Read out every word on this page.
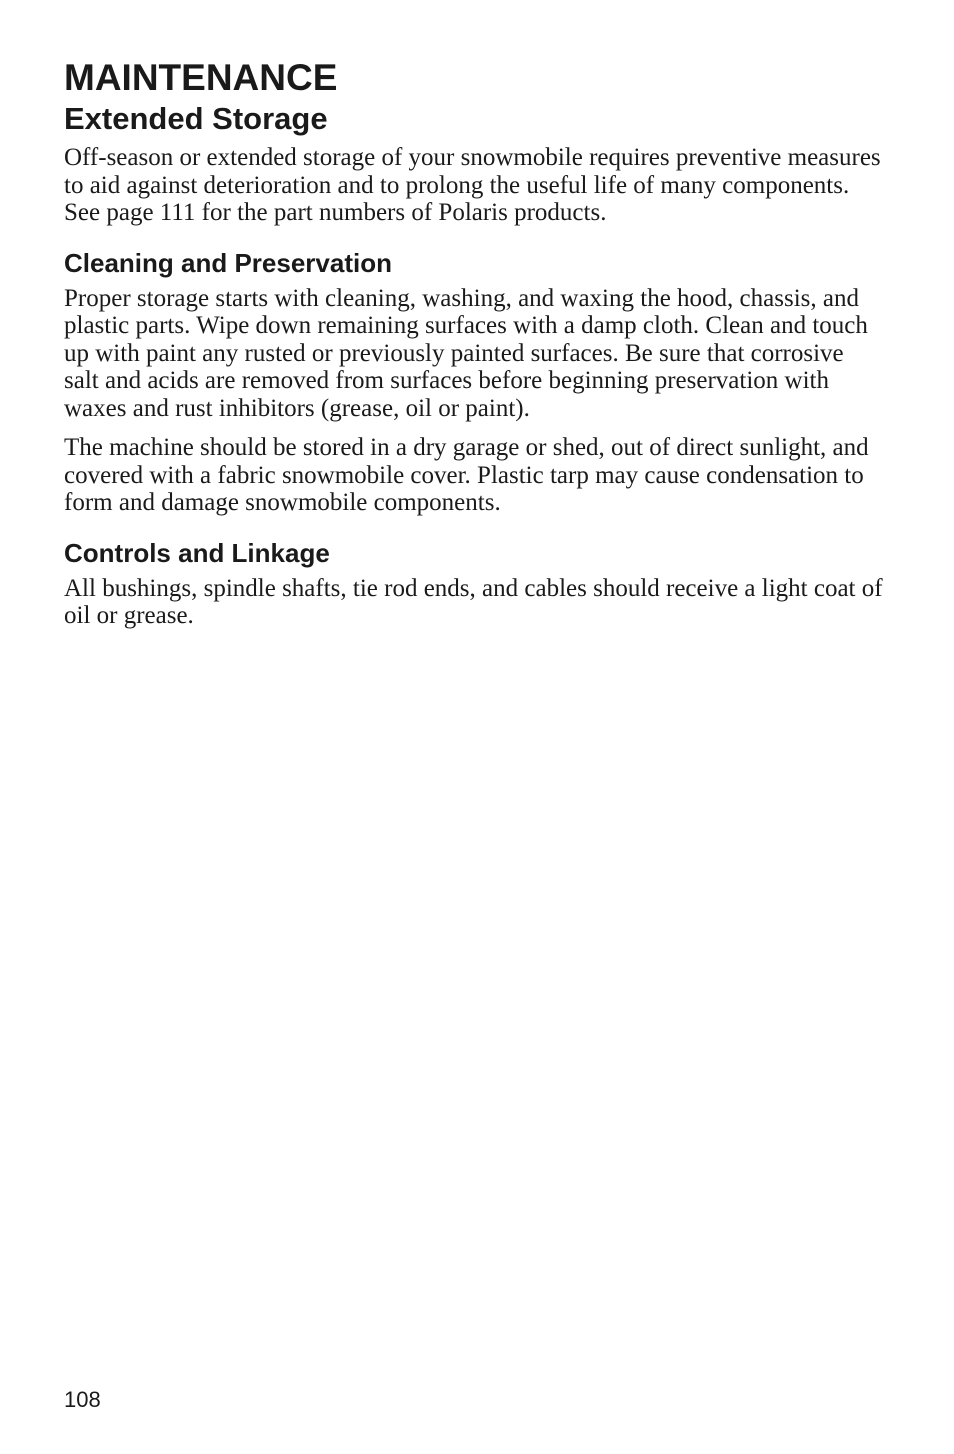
MAINTENANCE
Extended Storage

Off-season or extended storage of your snowmobile requires preventive measures to aid against deterioration and to prolong the useful life of many components. See page 111 for the part numbers of Polaris products.

Cleaning and Preservation

Proper storage starts with cleaning, washing, and waxing the hood, chassis, and plastic parts. Wipe down remaining surfaces with a damp cloth. Clean and touch up with paint any rusted or previously painted surfaces. Be sure that corrosive salt and acids are removed from surfaces before beginning preservation with waxes and rust inhibitors (grease, oil or paint).

The machine should be stored in a dry garage or shed, out of direct sunlight, and covered with a fabric snowmobile cover. Plastic tarp may cause condensation to form and damage snowmobile components.

Controls and Linkage

All bushings, spindle shafts, tie rod ends, and cables should receive a light coat of oil or grease.

108
